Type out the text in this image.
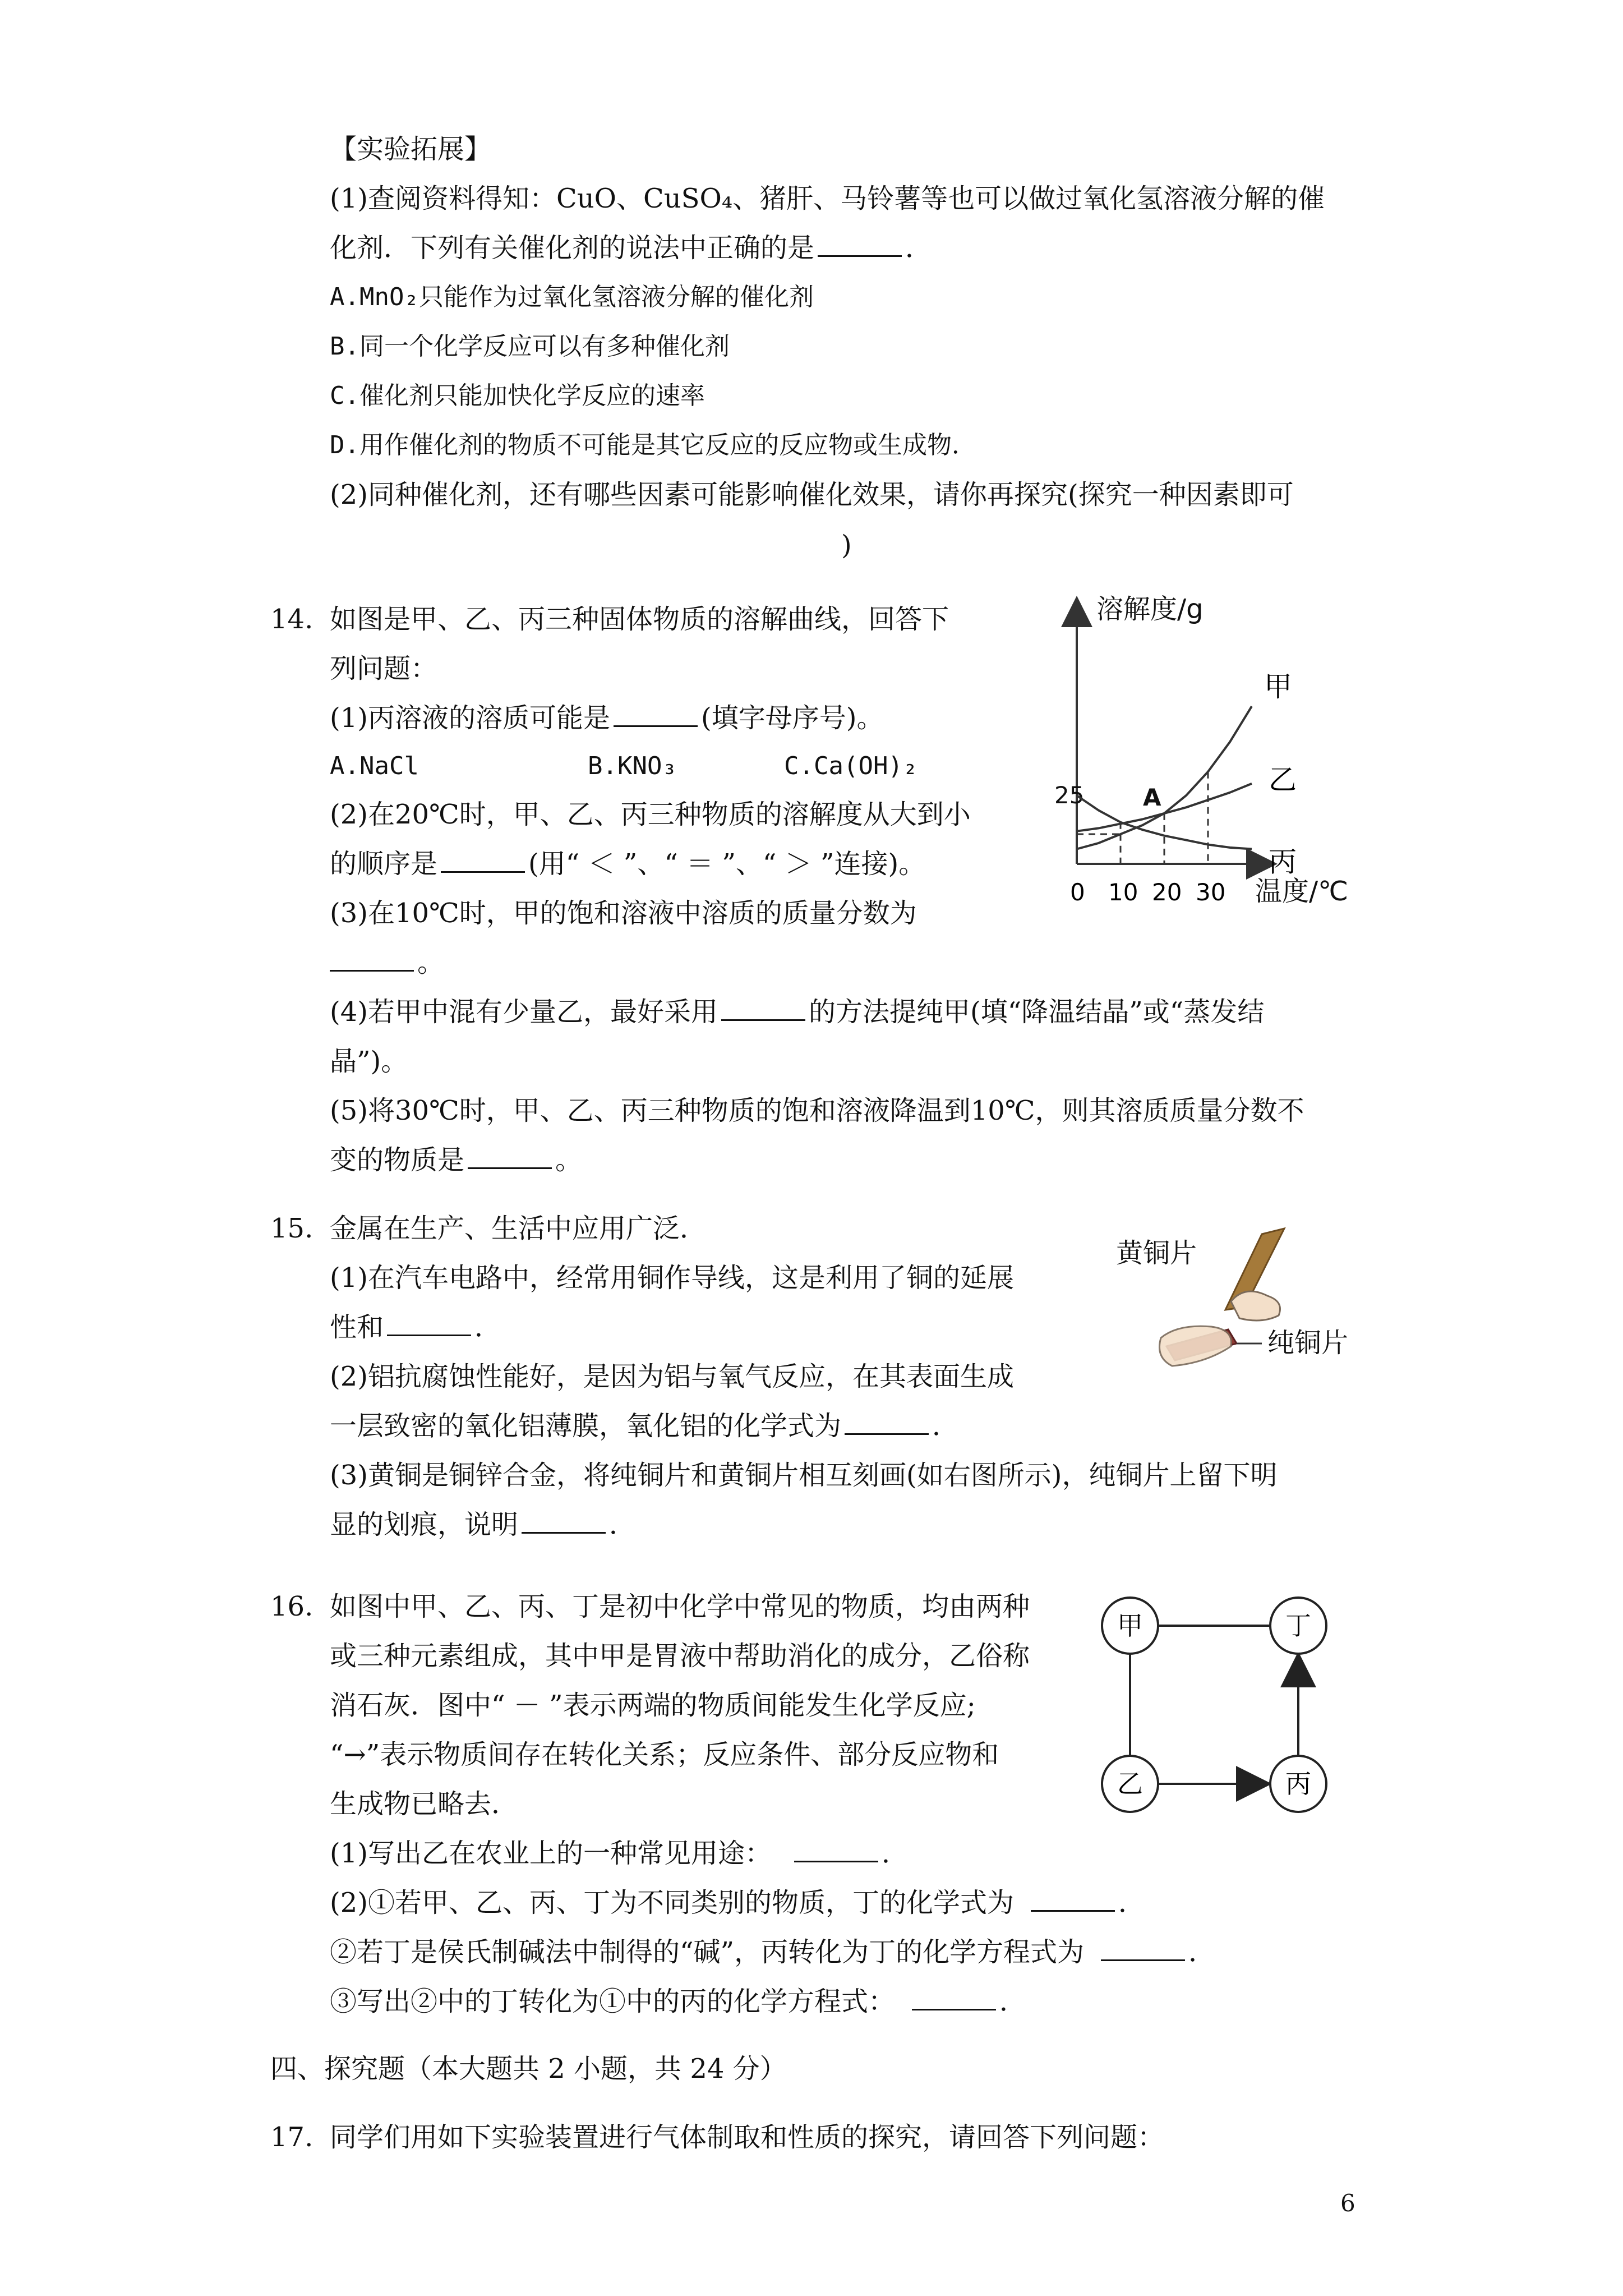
【实验拓展】
(1)查阅资料得知：CuO、CuSO₄、猪肝、马铃薯等也可以做过氧化氢溶液分解的催
化剂．下列有关催化剂的说法中正确的是	．
A.MnO₂只能作为过氧化氢溶液分解的催化剂
B.同一个化学反应可以有多种催化剂
C.催化剂只能加快化学反应的速率
D.用作催化剂的物质不可能是其它反应的反应物或生成物．
(2)同种催化剂，还有哪些因素可能影响催化效果，请你再探究(探究一种因素即可
)
14. 如图是甲、乙、丙三种固体物质的溶解曲线，回答下
列问题：
(1)丙溶液的溶质可能是	(填字母序号)。
A.NaCl	B.KNO₃	C.Ca(OH)₂
(2)在20℃时，甲、乙、丙三种物质的溶解度从大到小
的顺序是	(用“ ＜ ”、“ ＝ ”、“ ＞ ”连接)。
(3)在10℃时，甲的饱和溶液中溶质的质量分数为
。
(4)若甲中混有少量乙，最好采用	的方法提纯甲(填“降温结晶”或“蒸发结
晶”)。
(5)将30℃时，甲、乙、丙三种物质的饱和溶液降温到10℃，则其溶质质量分数不
变的物质是	。
溶解度/g
温度/℃
25
0 10 20 30
A
甲
乙
丙
15. 金属在生产、生活中应用广泛．
(1)在汽车电路中，经常用铜作导线，这是利用了铜的延展
性和	．
(2)铝抗腐蚀性能好，是因为铝与氧气反应，在其表面生成
一层致密的氧化铝薄膜，氧化铝的化学式为	．
(3)黄铜是铜锌合金，将纯铜片和黄铜片相互刻画(如右图所示)，纯铜片上留下明
显的划痕，说明	．
黄铜片
纯铜片
16. 如图中甲、乙、丙、丁是初中化学中常见的物质，均由两种
或三种元素组成，其中甲是胃液中帮助消化的成分，乙俗称
消石灰．图中“ － ”表示两端的物质间能发生化学反应;
“→”表示物质间存在转化关系；反应条件、部分反应物和
生成物已略去．
(1)写出乙在农业上的一种常见用途：	．
(2)①若甲、乙、丙、丁为不同类别的物质，丁的化学式为	．
②若丁是侯氏制碱法中制得的“碱”，丙转化为丁的化学方程式为	．
③写出②中的丁转化为①中的丙的化学方程式：	．
甲	丁
乙	丙
四、探究题（本大题共 2 小题，共 24 分）
17. 同学们用如下实验装置进行气体制取和性质的探究，请回答下列问题：
6
